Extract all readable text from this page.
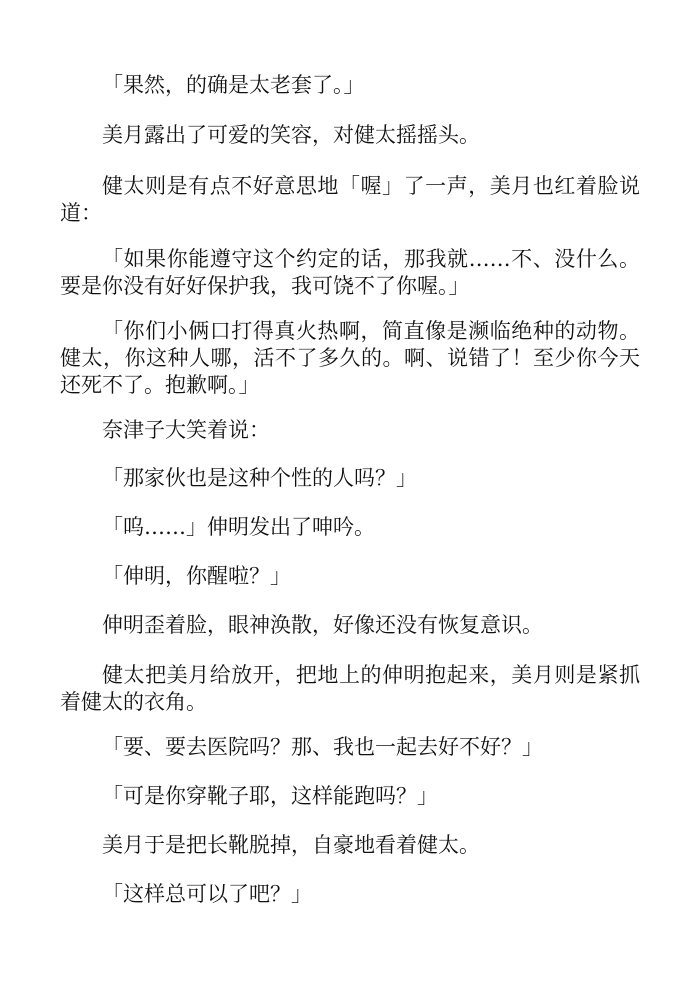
「果然，的确是太老套了。」

美月露出了可爱的笑容，对健太摇摇头。

健太则是有点不好意思地「喔」了一声，美月也红着脸说道：

「如果你能遵守这个约定的话，那我就……不、没什么。要是你没有好好保护我，我可饶不了你喔。」

「你们小俩口打得真火热啊，简直像是濒临绝种的动物。健太，你这种人哪，活不了多久的。啊、说错了！至少你今天还死不了。抱歉啊。」

奈津子大笑着说：

「那家伙也是这种个性的人吗？」

「呜……」伸明发出了呻吟。

「伸明，你醒啦？」

伸明歪着脸，眼神涣散，好像还没有恢复意识。

健太把美月给放开，把地上的伸明抱起来，美月则是紧抓着健太的衣角。

「要、要去医院吗？那、我也一起去好不好？」

「可是你穿靴子耶，这样能跑吗？」

美月于是把长靴脱掉，自豪地看着健太。

「这样总可以了吧？」
